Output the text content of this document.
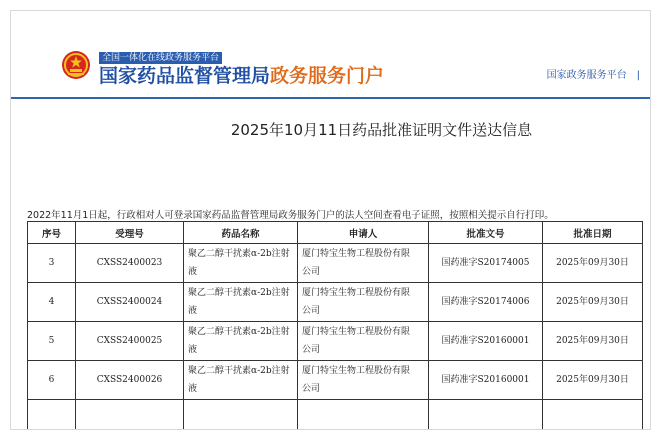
全国一体化在线政务服务平台
国家药品监督管理局政务服务门户	国家政务服务平台 |
2025年10月11日药品批准证明文件送达信息
2022年11月1日起，行政相对人可登录国家药品监督管理局政务服务门户的法人空间查看电子证照，按照相关提示自行打印。
序号	受理号	药品名称	申请人	批准文号	批准日期
3	CXSS2400023	聚乙二醇干扰素α-2b注射
液	厦门特宝生物工程股份有限
公司	国药准字S20174005	2025年09月30日
4	CXSS2400024	聚乙二醇干扰素α-2b注射
液	厦门特宝生物工程股份有限
公司	国药准字S20174006	2025年09月30日
5	CXSS2400025	聚乙二醇干扰素α-2b注射
液	厦门特宝生物工程股份有限
公司	国药准字S20160001	2025年09月30日
6	CXSS2400026	聚乙二醇干扰素α-2b注射
液	厦门特宝生物工程股份有限
公司	国药准字S20160001	2025年09月30日
